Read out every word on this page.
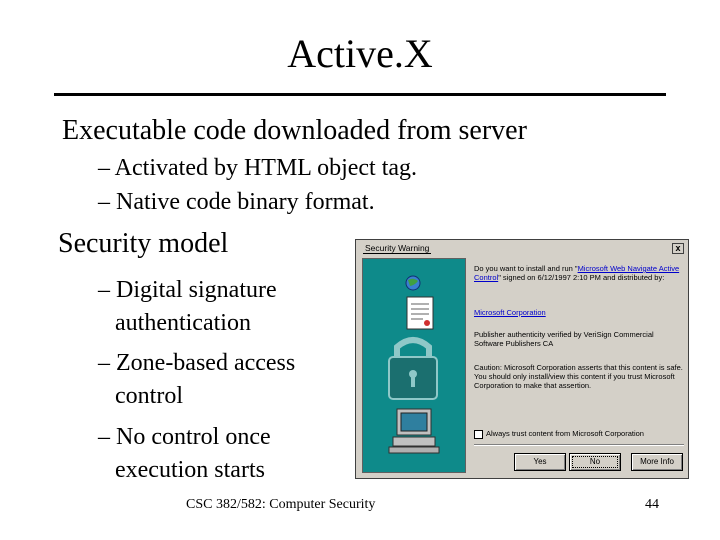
Active.X
Executable code downloaded from server
– Activated by HTML object tag.
– Native code binary format.
Security model
– Digital signature
authentication
– Zone-based access
control
– No control once
execution starts
Security Warning	x
Do you want to install and run "Microsoft Web Navigate Active Control" signed on 6/12/1997 2:10 PM and distributed by:
Microsoft Corporation
Publisher authenticity verified by VeriSign Commercial Software Publishers CA
Caution: Microsoft Corporation asserts that this content is safe. You should only install/view this content if you trust Microsoft Corporation to make that assertion.
Always trust content from Microsoft Corporation
Yes	No	More Info
CSC 382/582: Computer Security	44
